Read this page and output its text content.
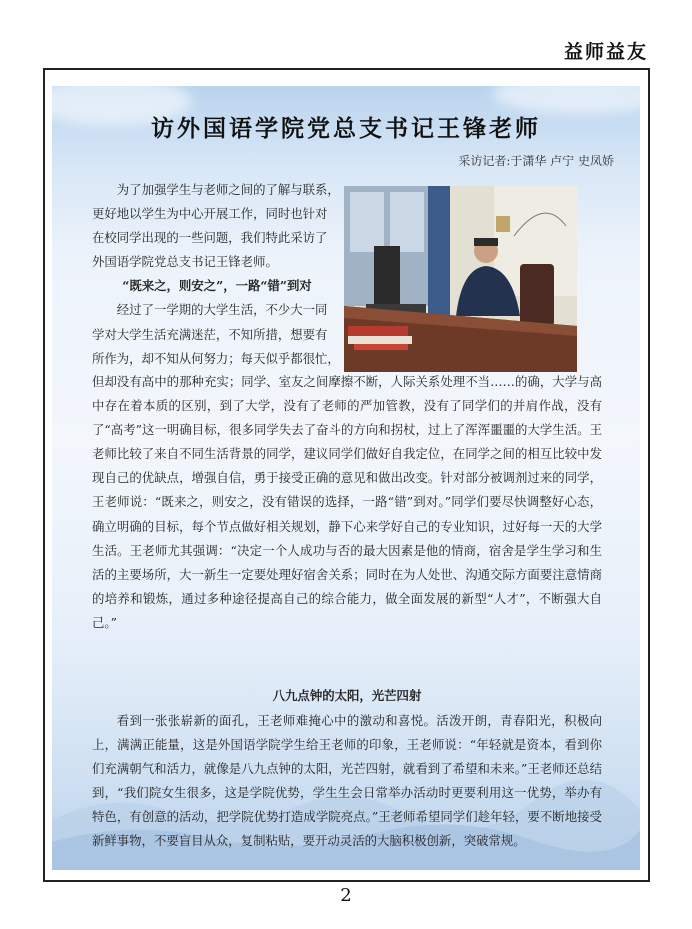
益师益友
访外国语学院党总支书记王锋老师
采访记者:于潇华 卢宁 史凤娇
为了加强学生与老师之间的了解与联系，
更好地以学生为中心开展工作，同时也针对
在校同学出现的一些问题，我们特此采访了
外国语学院党总支书记王锋老师。
“既来之，则安之”，一路“错”到对
经过了一学期的大学生活，不少大一同
学对大学生活充满迷茫，不知所措，想要有
所作为，却不知从何努力；每天似乎都很忙，
但却没有高中的那种充实；同学、室友之间摩擦不断，人际关系处理不当……的确，大学与高中存在着本质的区别，到了大学，没有了老师的严加管教，没有了同学们的并肩作战，没有了“高考”这一明确目标，很多同学失去了奋斗的方向和拐杖，过上了浑浑噩噩的大学生活。王老师比较了来自不同生活背景的同学，建议同学们做好自我定位，在同学之间的相互比较中发现自己的优缺点，增强自信，勇于接受正确的意见和做出改变。针对部分被调剂过来的同学，王老师说：“既来之，则安之，没有错误的选择，一路“错”到对。”同学们要尽快调整好心态，确立明确的目标，每个节点做好相关规划，静下心来学好自己的专业知识，过好每一天的大学生活。王老师尤其强调：“决定一个人成功与否的最大因素是他的情商，宿舍是学生学习和生活的主要场所，大一新生一定要处理好宿舍关系；同时在为人处世、沟通交际方面要注意情商的培养和锻炼，通过多种途径提高自己的综合能力，做全面发展的新型“人才”，不断强大自己。”
八九点钟的太阳，光芒四射
看到一张张崭新的面孔，王老师难掩心中的激动和喜悦。活泼开朗，青春阳光，积极向上，满满正能量，这是外国语学院学生给王老师的印象，王老师说：“年轻就是资本，看到你们充满朝气和活力，就像是八九点钟的太阳，光芒四射，就看到了希望和未来。”王老师还总结到，“我们院女生很多，这是学院优势，学生生会日常举办活动时更要利用这一优势，举办有特色，有创意的活动，把学院优势打造成学院亮点。”王老师希望同学们趁年轻，要不断地接受新鲜事物，不要盲目从众，复制粘贴，要开动灵活的大脑积极创新，突破常规。
2
